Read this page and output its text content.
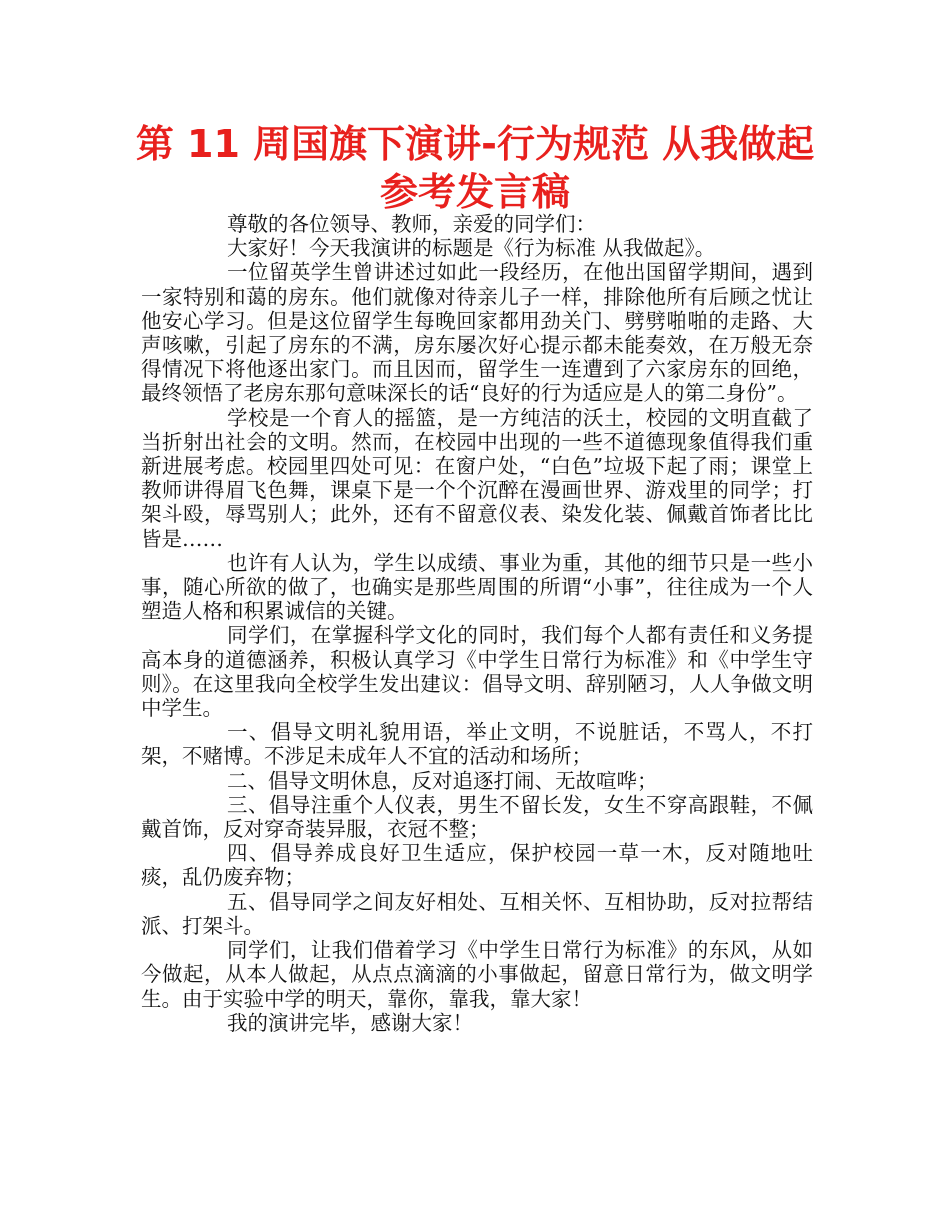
第 11 周国旗下演讲-行为规范 从我做起参考发言稿

尊敬的各位领导、教师，亲爱的同学们：

大家好！今天我演讲的标题是《行为标准 从我做起》。

一位留英学生曾讲述过如此一段经历，在他出国留学期间，遇到一家特别和蔼的房东。他们就像对待亲儿子一样，排除他所有后顾之忧让他安心学习。但是这位留学生每晚回家都用劲关门、劈劈啪啪的走路、大声咳嗽，引起了房东的不满，房东屡次好心提示都未能奏效，在万般无奈得情况下将他逐出家门。而且因而，留学生一连遭到了六家房东的回绝，最终领悟了老房东那句意味深长的话“良好的行为适应是人的第二身份”。

学校是一个育人的摇篮，是一方纯洁的沃土，校园的文明直截了当折射出社会的文明。然而，在校园中出现的一些不道德现象值得我们重新进展考虑。校园里四处可见：在窗户处，“白色”垃圾下起了雨；课堂上教师讲得眉飞色舞，课桌下是一个个沉醉在漫画世界、游戏里的同学；打架斗殴，辱骂别人；此外，还有不留意仪表、染发化装、佩戴首饰者比比皆是……

也许有人认为，学生以成绩、事业为重，其他的细节只是一些小事，随心所欲的做了，也确实是那些周围的所谓“小事”，往往成为一个人塑造人格和积累诚信的关键。

同学们，在掌握科学文化的同时，我们每个人都有责任和义务提高本身的道德涵养，积极认真学习《中学生日常行为标准》和《中学生守则》。在这里我向全校学生发出建议：倡导文明、辞别陋习，人人争做文明中学生。

一、倡导文明礼貌用语，举止文明，不说脏话，不骂人，不打架，不赌博。不涉足未成年人不宜的活动和场所；

二、倡导文明休息，反对追逐打闹、无故喧哗；

三、倡导注重个人仪表，男生不留长发，女生不穿高跟鞋，不佩戴首饰，反对穿奇装异服，衣冠不整；

四、倡导养成良好卫生适应，保护校园一草一木，反对随地吐痰，乱仍废弃物；

五、倡导同学之间友好相处、互相关怀、互相协助，反对拉帮结派、打架斗。

同学们，让我们借着学习《中学生日常行为标准》的东风，从如今做起，从本人做起，从点点滴滴的小事做起，留意日常行为，做文明学生。由于实验中学的明天，靠你，靠我，靠大家！

我的演讲完毕，感谢大家！
